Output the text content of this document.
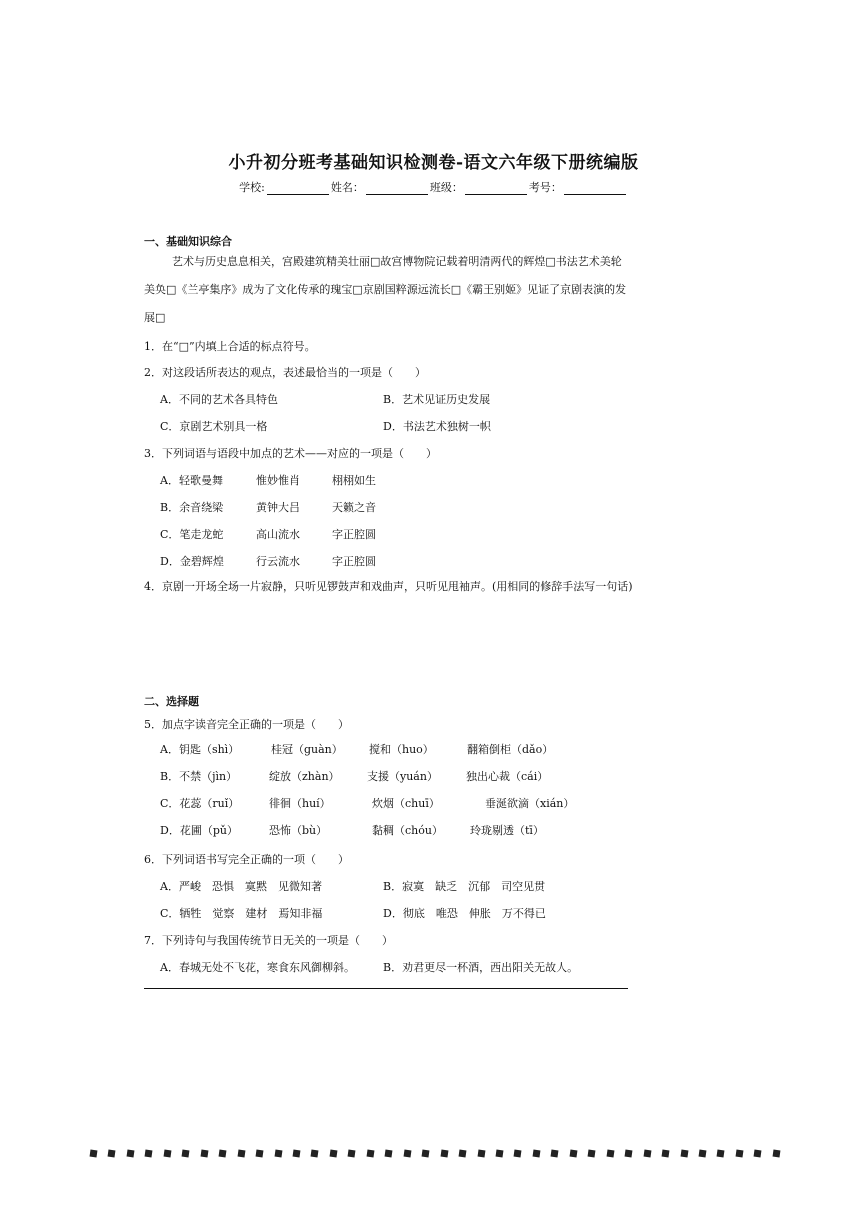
小升初分班考基础知识检测卷-语文六年级下册统编版
学校:	姓名：	班级：	考号：
一、基础知识综合
艺术与历史息息相关，宫殿建筑精美壮丽□故宫博物院记载着明清两代的辉煌□书法艺术美轮
美奂□《兰亭集序》成为了文化传承的瑰宝□京剧国粹源远流长□《霸王别姬》见证了京剧表演的发
展□
1．在“□”内填上合适的标点符号。
2．对这段话所表达的观点，表述最恰当的一项是（　　）
A．不同的艺术各具特色	B．艺术见证历史发展
C．京剧艺术别具一格	D．书法艺术独树一帜
3．下列词语与语段中加点的艺术——对应的一项是（　　）
A．轻歌曼舞	惟妙惟肖	栩栩如生
B．余音绕梁	黄钟大吕	天籁之音
C．笔走龙蛇	高山流水	字正腔圆
D．金碧辉煌	行云流水	字正腔圆
4．京剧一开场全场一片寂静，只听见锣鼓声和戏曲声，只听见甩袖声。(用相同的修辞手法写一句话)
二、选择题
5．加点字读音完全正确的一项是（　　）
A．钥匙（shì）	桂冠（guàn） 搅和（huo）	翻箱倒柜（dǎo）
B．不禁（jìn）	绽放（zhàn） 支援（yuán）	独出心裁（cái）
C．花蕊（ruǐ）	徘徊（huí）	炊烟（chuī）	垂涎欲滴（xián）
D．花圃（pǔ）	恐怖（bù）	黏稠（chóu） 玲珑剔透（tī）
6．下列词语书写完全正确的一项（　　）
A．严峻　恐惧　寞黙　见微知著	B．寂寞　缺乏　沉郁　司空见贯
C．牺牲　觉察　建材　焉知非福	D．彻底　唯恐　伸胀　万不得已
7．下列诗句与我国传统节日无关的一项是（　　）
A．春城无处不飞花，寒食东风御柳斜。	B．劝君更尽一杯酒，西出阳关无故人。
